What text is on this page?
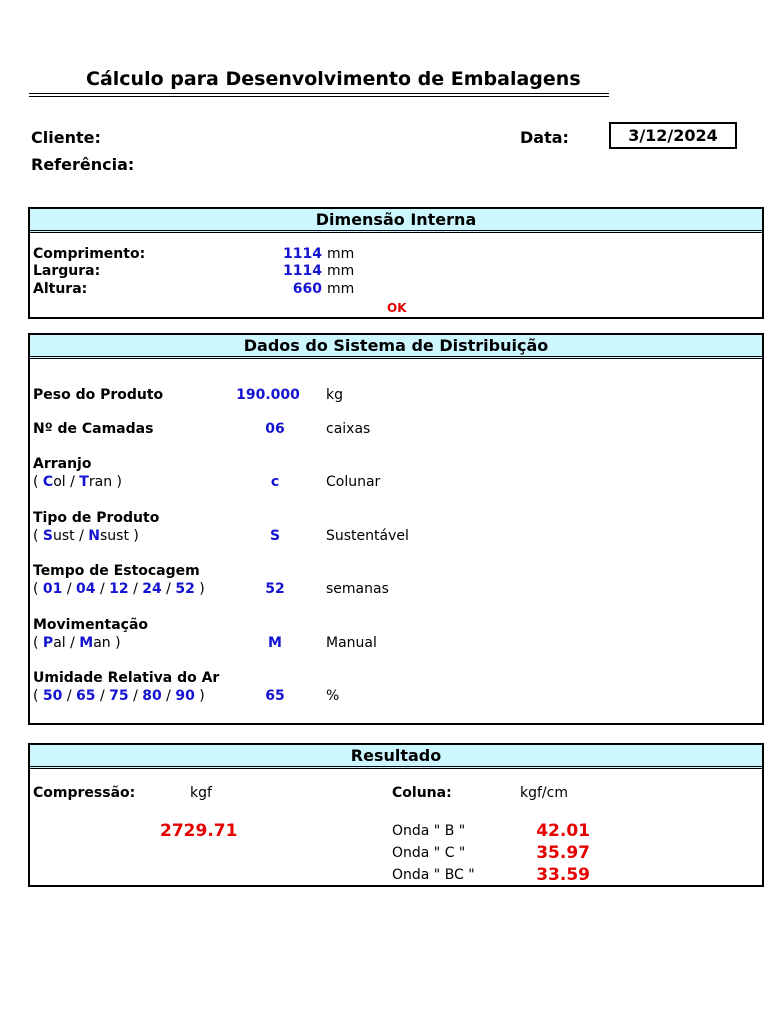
Cálculo para Desenvolvimento de Embalagens
Cliente:
Referência:
Data:	3/12/2024
Dimensão Interna
Comprimento:	1114 mm
Largura:	1114 mm
Altura:	660 mm
OK
Dados do Sistema de Distribuição
Peso do Produto	190.000	kg
Nº de Camadas	06	caixas
Arranjo
( Col / Tran )	c	Colunar
Tipo de Produto
( Sust / Nsust )	S	Sustentável
Tempo de Estocagem
( 01 / 04 / 12 / 24 / 52 )	52	semanas
Movimentação
( Pal / Man )	M	Manual
Umidade Relativa do Ar
( 50 / 65 / 75 / 80 / 90 )	65	%
Resultado
Compressão:	kgf
2729.71
Coluna:	kgf/cm
Onda " B "	42.01
Onda " C "	35.97
Onda " BC "	33.59
